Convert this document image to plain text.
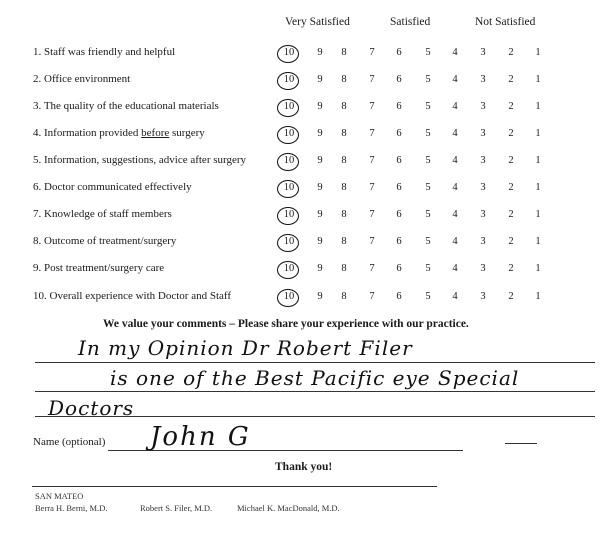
Very Satisfied	Satisfied	Not Satisfied
1. Staff was friendly and helpful	10	9	8	7	6	5	4	3	2	1
2. Office environment	10	9	8	7	6	5	4	3	2	1
3. The quality of the educational materials	10	9	8	7	6	5	4	3	2	1
4. Information provided before surgery	10	9	8	7	6	5	4	3	2	1
5. Information, suggestions, advice after surgery	10	9	8	7	6	5	4	3	2	1
6. Doctor communicated effectively	10	9	8	7	6	5	4	3	2	1
7. Knowledge of staff members	10	9	8	7	6	5	4	3	2	1
8. Outcome of treatment/surgery	10	9	8	7	6	5	4	3	2	1
9. Post treatment/surgery care	10	9	8	7	6	5	4	3	2	1
10. Overall experience with Doctor and Staff	10	9	8	7	6	5	4	3	2	1
We value your comments – Please share your experience with our practice.
In my Opinion Dr Robert Filer
is one of the Best Pacific eye Special
Doctors
Name (optional) John G
Thank you!
SAN MATEO
Berra H. Berni, M.D.	Robert S. Filer, M.D.	Michael K. MacDonald, M.D.
